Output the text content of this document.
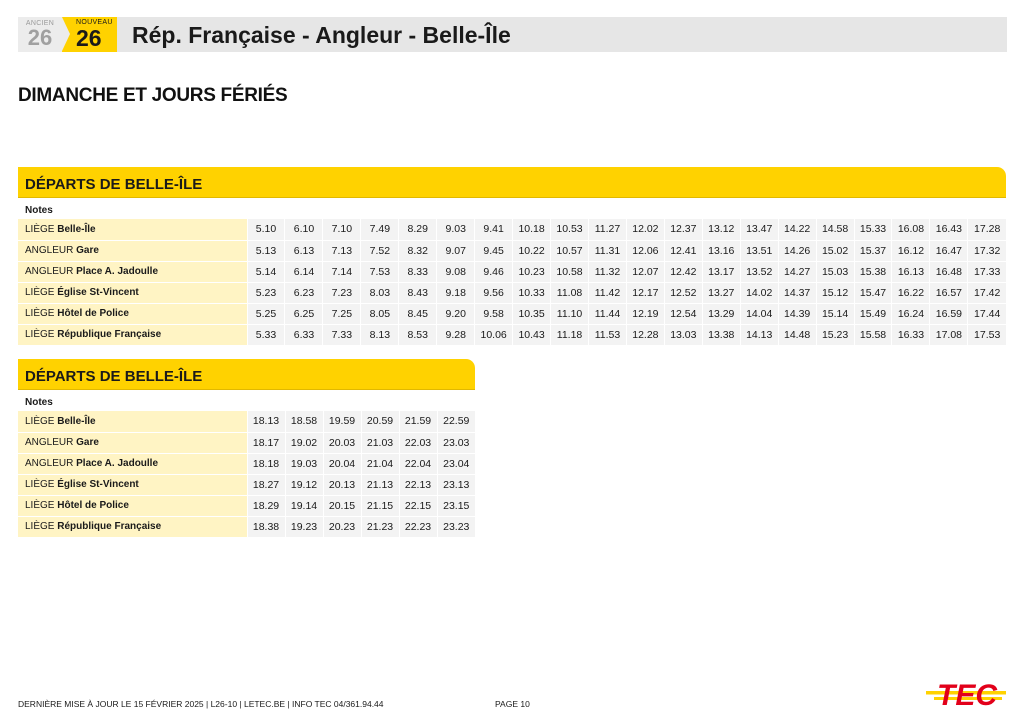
ANCIEN
26
NOUVEAU
26 Rép. Française - Angleur - Belle-Île
DIMANCHE ET JOURS FÉRIÉS
DÉPARTS DE BELLE-ÎLE
Notes																				
LIÈGE Belle-Île	5.10	6.10	7.10	7.49	8.29	9.03	9.41	10.18	10.53	11.27	12.02	12.37	13.12	13.47	14.22	14.58	15.33	16.08	16.43	17.28
ANGLEUR Gare	5.13	6.13	7.13	7.52	8.32	9.07	9.45	10.22	10.57	11.31	12.06	12.41	13.16	13.51	14.26	15.02	15.37	16.12	16.47	17.32
ANGLEUR Place A. Jadoulle	5.14	6.14	7.14	7.53	8.33	9.08	9.46	10.23	10.58	11.32	12.07	12.42	13.17	13.52	14.27	15.03	15.38	16.13	16.48	17.33
LIÈGE Église St-Vincent	5.23	6.23	7.23	8.03	8.43	9.18	9.56	10.33	11.08	11.42	12.17	12.52	13.27	14.02	14.37	15.12	15.47	16.22	16.57	17.42
LIÈGE Hôtel de Police	5.25	6.25	7.25	8.05	8.45	9.20	9.58	10.35	11.10	11.44	12.19	12.54	13.29	14.04	14.39	15.14	15.49	16.24	16.59	17.44
LIÈGE République Française	5.33	6.33	7.33	8.13	8.53	9.28	10.06	10.43	11.18	11.53	12.28	13.03	13.38	14.13	14.48	15.23	15.58	16.33	17.08	17.53
DÉPARTS DE BELLE-ÎLE
Notes						
LIÈGE Belle-Île	18.13	18.58	19.59	20.59	21.59	22.59
ANGLEUR Gare	18.17	19.02	20.03	21.03	22.03	23.03
ANGLEUR Place A. Jadoulle	18.18	19.03	20.04	21.04	22.04	23.04
LIÈGE Église St-Vincent	18.27	19.12	20.13	21.13	22.13	23.13
LIÈGE Hôtel de Police	18.29	19.14	20.15	21.15	22.15	23.15
LIÈGE République Française	18.38	19.23	20.23	21.23	22.23	23.23
DERNIÈRE MISE À JOUR LE 15 FÉVRIER 2025 | L26-10 | LETEC.BE | INFO TEC 04/361.94.44	PAGE 10	TEC
